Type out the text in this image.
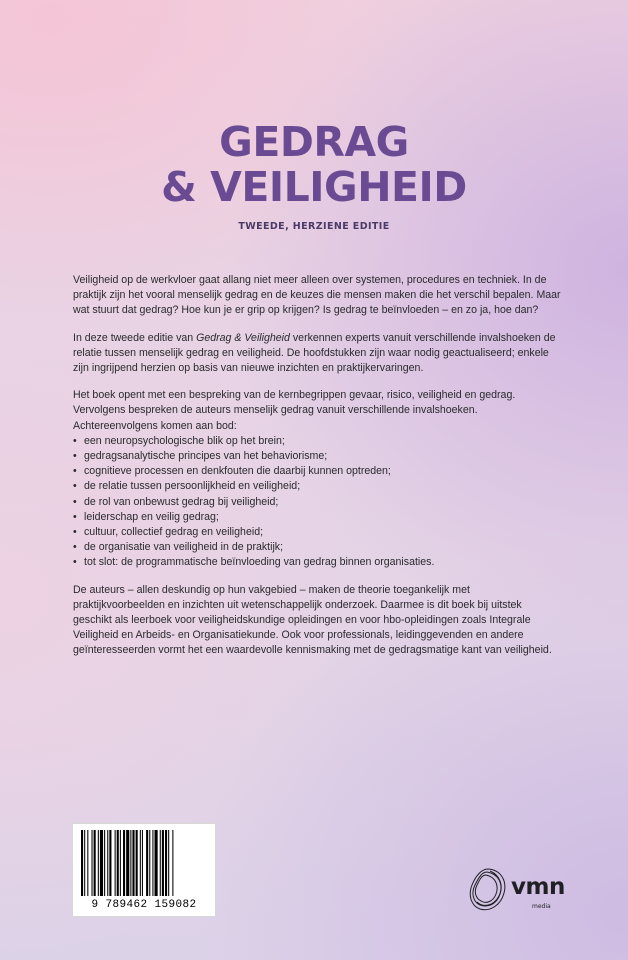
GEDRAG
& VEILIGHEID
TWEEDE, HERZIENE EDITIE

Veiligheid op de werkvloer gaat allang niet meer alleen over systemen, procedures en techniek. In de praktijk zijn het vooral menselijk gedrag en de keuzes die mensen maken die het verschil bepalen. Maar wat stuurt dat gedrag? Hoe kun je er grip op krijgen? Is gedrag te beïnvloeden – en zo ja, hoe dan?

In deze tweede editie van Gedrag & Veiligheid verkennen experts vanuit verschillende invalshoeken de relatie tussen menselijk gedrag en veiligheid. De hoofdstukken zijn waar nodig geactualiseerd; enkele zijn ingrijpend herzien op basis van nieuwe inzichten en praktijkervaringen.

Het boek opent met een bespreking van de kernbegrippen gevaar, risico, veiligheid en gedrag. Vervolgens bespreken de auteurs menselijk gedrag vanuit verschillende invalshoeken. Achtereenvolgens komen aan bod:

• een neuropsychologische blik op het brein;
• gedragsanalytische principes van het behaviorisme;
• cognitieve processen en denkfouten die daarbij kunnen optreden;
• de relatie tussen persoonlijkheid en veiligheid;
• de rol van onbewust gedrag bij veiligheid;
• leiderschap en veilig gedrag;
• cultuur, collectief gedrag en veiligheid;
• de organisatie van veiligheid in de praktijk;
• tot slot: de programmatische beïnvloeding van gedrag binnen organisaties.

De auteurs – allen deskundig op hun vakgebied – maken de theorie toegankelijk met praktijkvoorbeelden en inzichten uit wetenschappelijk onderzoek. Daarmee is dit boek bij uitstek geschikt als leerboek voor veiligheidskundige opleidingen en voor hbo-opleidingen zoals Integrale Veiligheid en Arbeids- en Organisatiekunde. Ook voor professionals, leidinggevenden en andere geïnteresseerden vormt het een waardevolle kennismaking met de gedragsmatige kant van veiligheid.

9 789462 159082
vmn
media
